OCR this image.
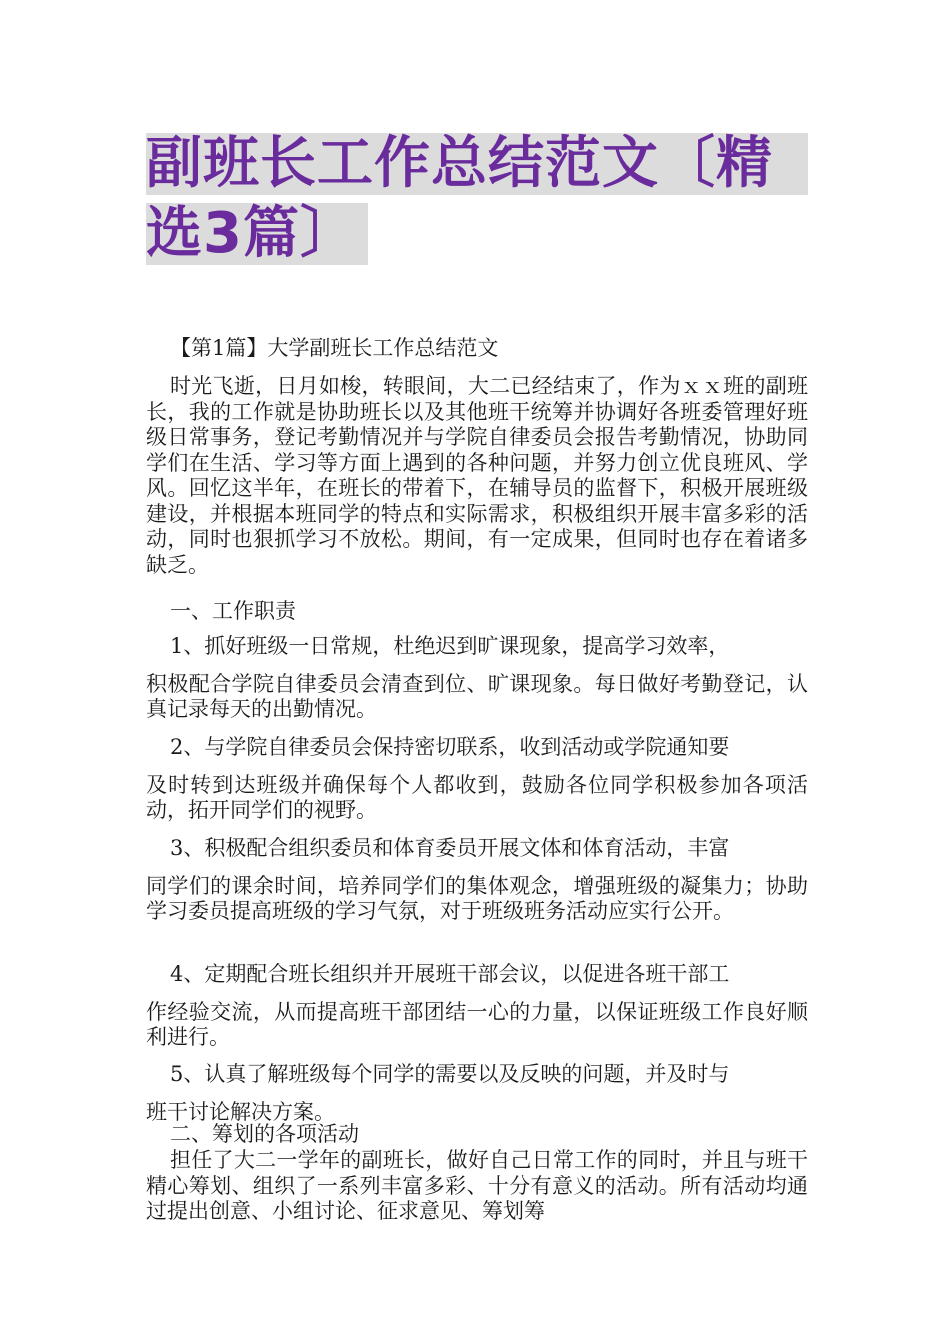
副班长工作总结范文〔精
选3篇〕
【第1篇】大学副班长工作总结范文
时光飞逝，日月如梭，转眼间，大二已经结束了，作为ｘｘ班的副班长，我的工作就是协助班长以及其他班干统筹并协调好各班委管理好班级日常事务，登记考勤情况并与学院自律委员会报告考勤情况，协助同学们在生活、学习等方面上遇到的各种问题，并努力创立优良班风、学风。回忆这半年，在班长的带着下，在辅导员的监督下，积极开展班级建设，并根据本班同学的特点和实际需求，积极组织开展丰富多彩的活动，同时也狠抓学习不放松。期间，有一定成果，但同时也存在着诸多缺乏。
一、工作职责
1、抓好班级一日常规，杜绝迟到旷课现象，提高学习效率，
积极配合学院自律委员会清查到位、旷课现象。每日做好考勤登记，认真记录每天的出勤情况。
2、与学院自律委员会保持密切联系，收到活动或学院通知要
及时转到达班级并确保每个人都收到，鼓励各位同学积极参加各项活动，拓开同学们的视野。
3、积极配合组织委员和体育委员开展文体和体育活动，丰富
同学们的课余时间，培养同学们的集体观念，增强班级的凝集力；协助学习委员提高班级的学习气氛，对于班级班务活动应实行公开。
4、定期配合班长组织并开展班干部会议，以促进各班干部工
作经验交流，从而提高班干部团结一心的力量，以保证班级工作良好顺利进行。
5、认真了解班级每个同学的需要以及反映的问题，并及时与
班干讨论解决方案。
二、筹划的各项活动
担任了大二一学年的副班长，做好自己日常工作的同时，并且与班干精心筹划、组织了一系列丰富多彩、十分有意义的活动。所有活动均通过提出创意、小组讨论、征求意见、筹划筹
